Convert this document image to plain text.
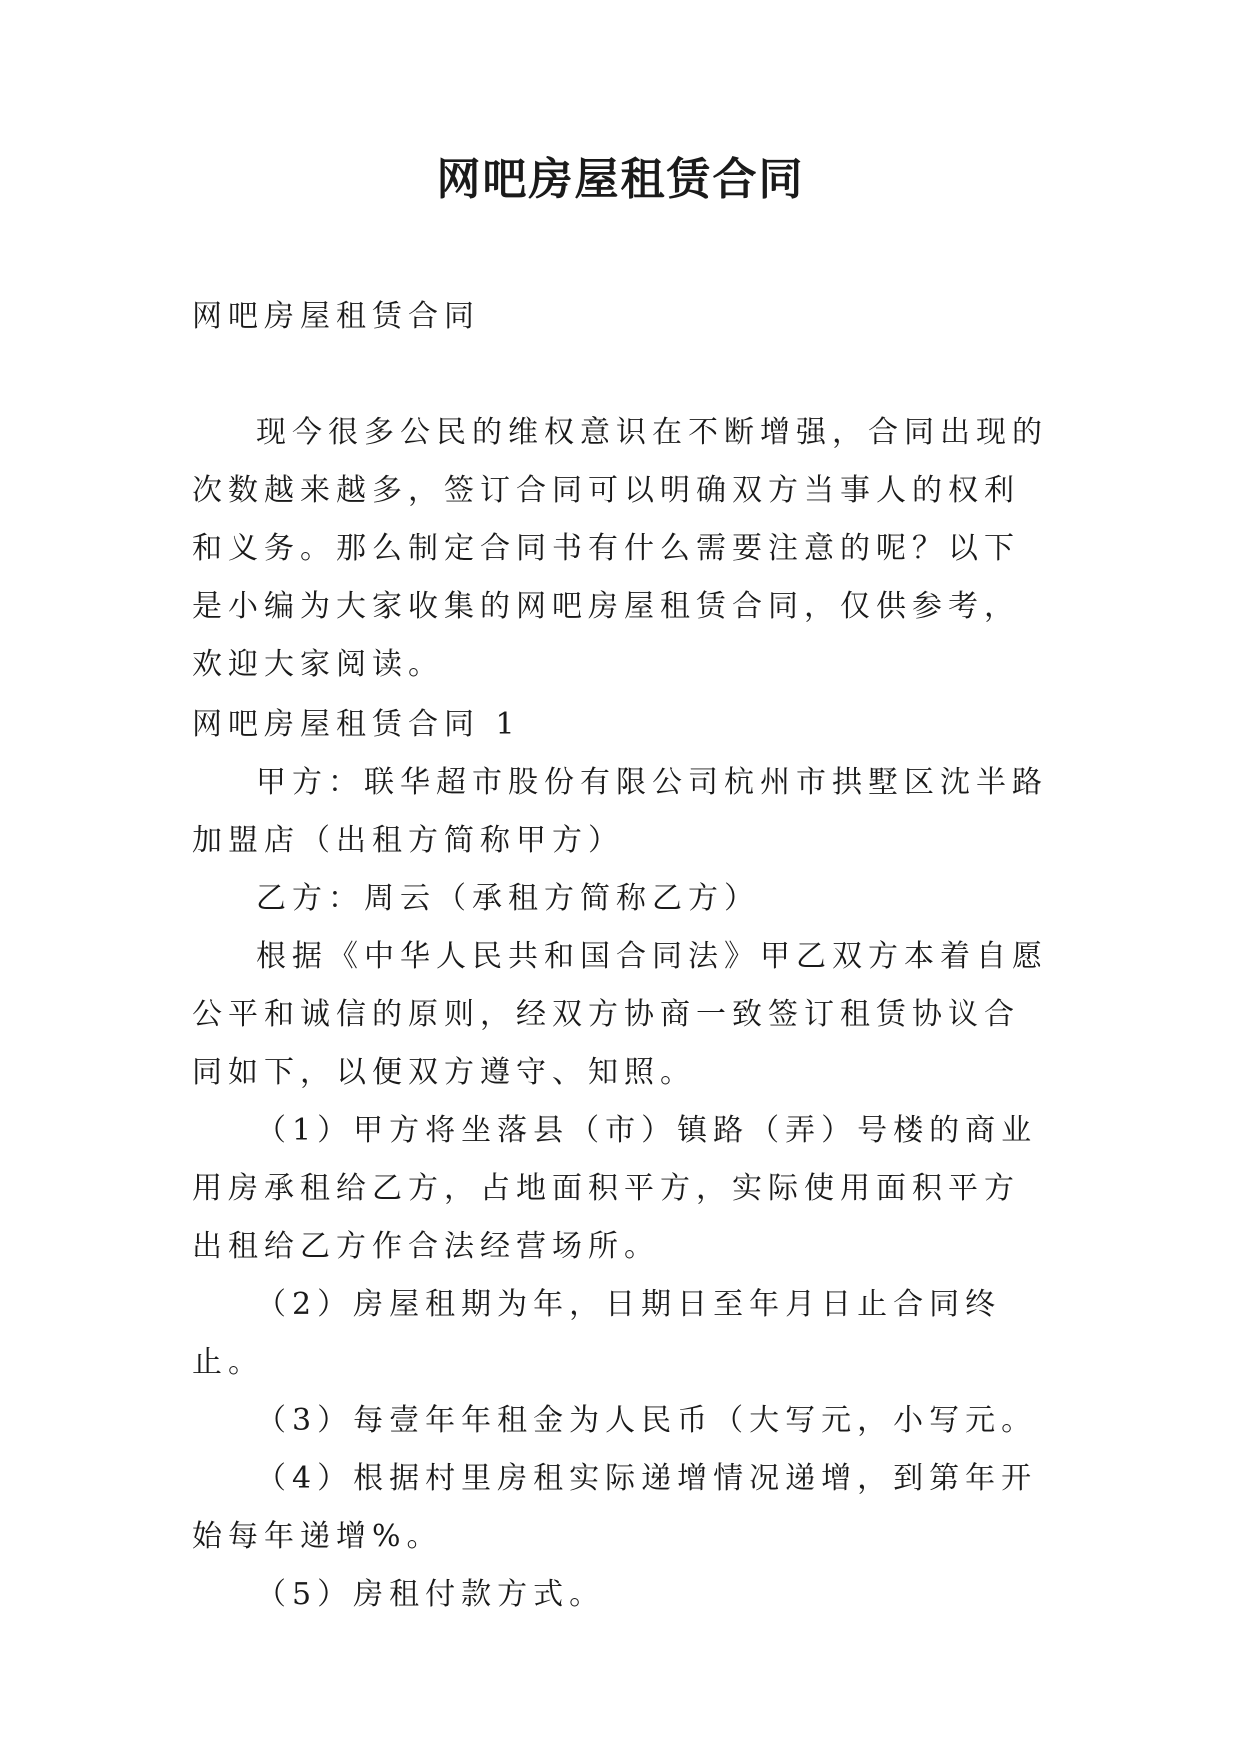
网吧房屋租赁合同

网吧房屋租赁合同

现今很多公民的维权意识在不断增强，合同出现的次数越来越多，签订合同可以明确双方当事人的权利和义务。那么制定合同书有什么需要注意的呢？以下是小编为大家收集的网吧房屋租赁合同，仅供参考，欢迎大家阅读。

网吧房屋租赁合同 1

甲方：联华超市股份有限公司杭州市拱墅区沈半路加盟店（出租方简称甲方）

乙方：周云（承租方简称乙方）

根据《中华人民共和国合同法》甲乙双方本着自愿公平和诚信的原则，经双方协商一致签订租赁协议合同如下，以便双方遵守、知照。

（1）甲方将坐落县（市）镇路（弄）号楼的商业用房承租给乙方，占地面积平方，实际使用面积平方出租给乙方作合法经营场所。

（2）房屋租期为年，日期日至年月日止合同终止。

（3）每壹年年租金为人民币（大写元，小写元。

（4）根据村里房租实际递增情况递增，到第年开始每年递增%。

（5）房租付款方式。
